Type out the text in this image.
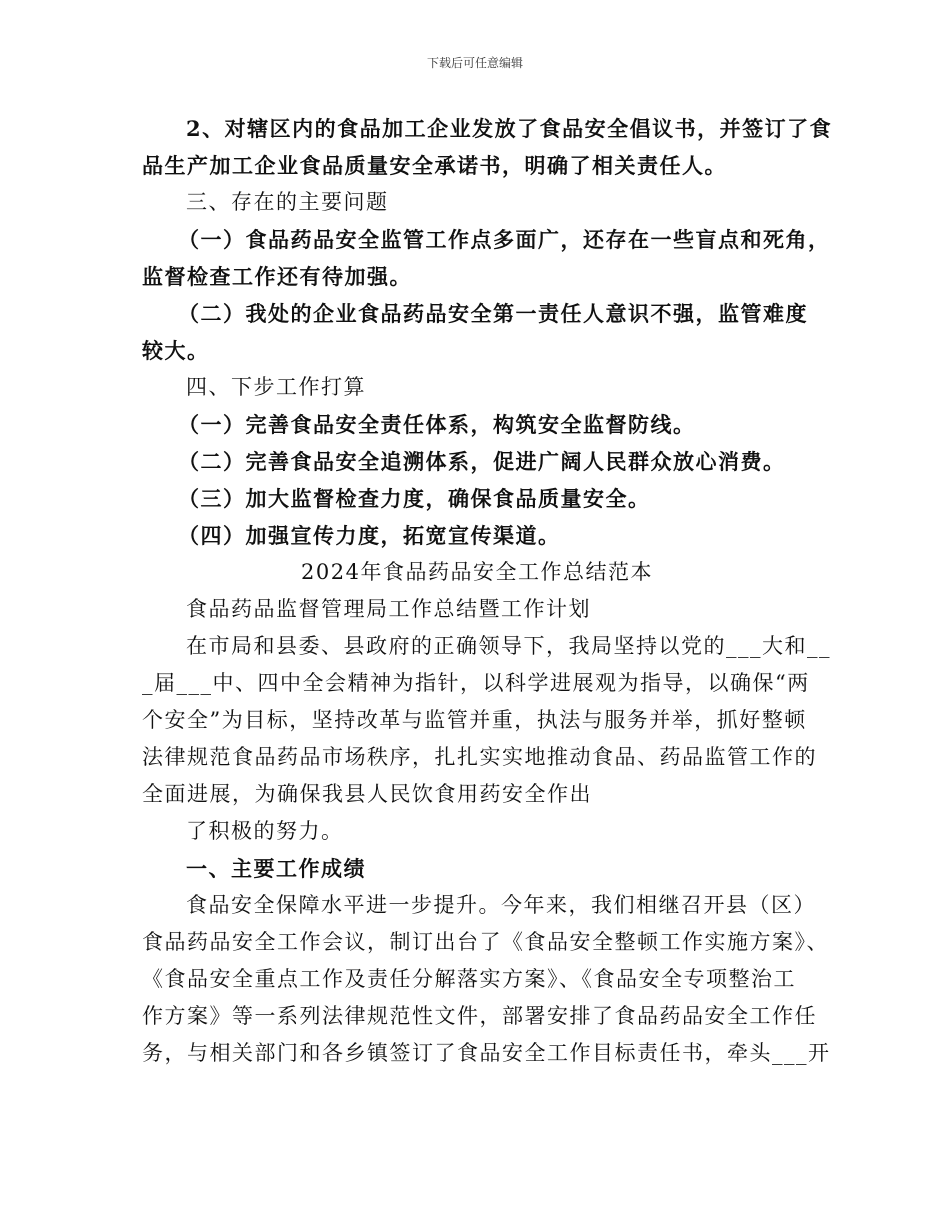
下载后可任意编辑
2、对辖区内的食品加工企业发放了食品安全倡议书，并签订了食
品生产加工企业食品质量安全承诺书，明确了相关责任人。
三、存在的主要问题
（一）食品药品安全监管工作点多面广，还存在一些盲点和死角，
监督检查工作还有待加强。
（二）我处的企业食品药品安全第一责任人意识不强，监管难度
较大。
四、下步工作打算
（一）完善食品安全责任体系，构筑安全监督防线。
（二）完善食品安全追溯体系，促进广阔人民群众放心消费。
（三）加大监督检查力度，确保食品质量安全。
（四）加强宣传力度，拓宽宣传渠道。
2024年食品药品安全工作总结范本
食品药品监督管理局工作总结暨工作计划
在市局和县委、县政府的正确领导下，我局坚持以党的___大和__
_届___中、四中全会精神为指针，以科学进展观为指导，以确保“两
个安全”为目标，坚持改革与监管并重，执法与服务并举，抓好整顿
法律规范食品药品市场秩序，扎扎实实地推动食品、药品监管工作的
全面进展，为确保我县人民饮食用药安全作出
了积极的努力。
一、主要工作成绩
食品安全保障水平进一步提升。今年来，我们相继召开县（区）
食品药品安全工作会议，制订出台了《食品安全整顿工作实施方案》、
《食品安全重点工作及责任分解落实方案》、《食品安全专项整治工
作方案》等一系列法律规范性文件，部署安排了食品药品安全工作任
务，与相关部门和各乡镇签订了食品安全工作目标责任书，牵头___开
